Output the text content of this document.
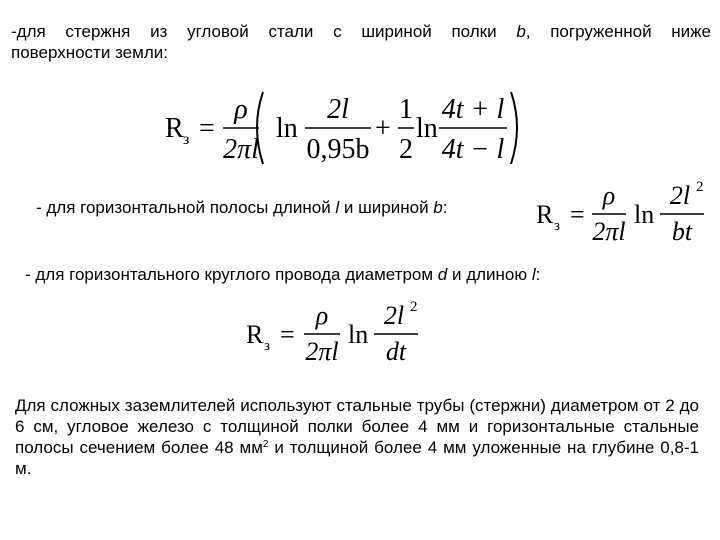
-для стержня из угловой стали с шириной полки b, погруженной ниже
поверхности земли:
R з =
ρ
2πl
ln
2l
0,95b
+
1
2
ln
4t + l
4t − l
- для горизонтальной полосы длиной l и шириной b:	R з =
ρ
2πl
ln
2l 2
bt
- для горизонтального круглого провода диаметром d и длиною l:
R з =
ρ
2πl
ln
2l 2
dt
Для сложных заземлителей используют стальные трубы (стержни) диаметром от 2 до 6 см, угловое железо с толщиной полки более 4 мм и горизонтальные стальные полосы сечением более 48 $мм^2$ и толщиной более 4 мм уложенные на глубине 0,8-1 м.
